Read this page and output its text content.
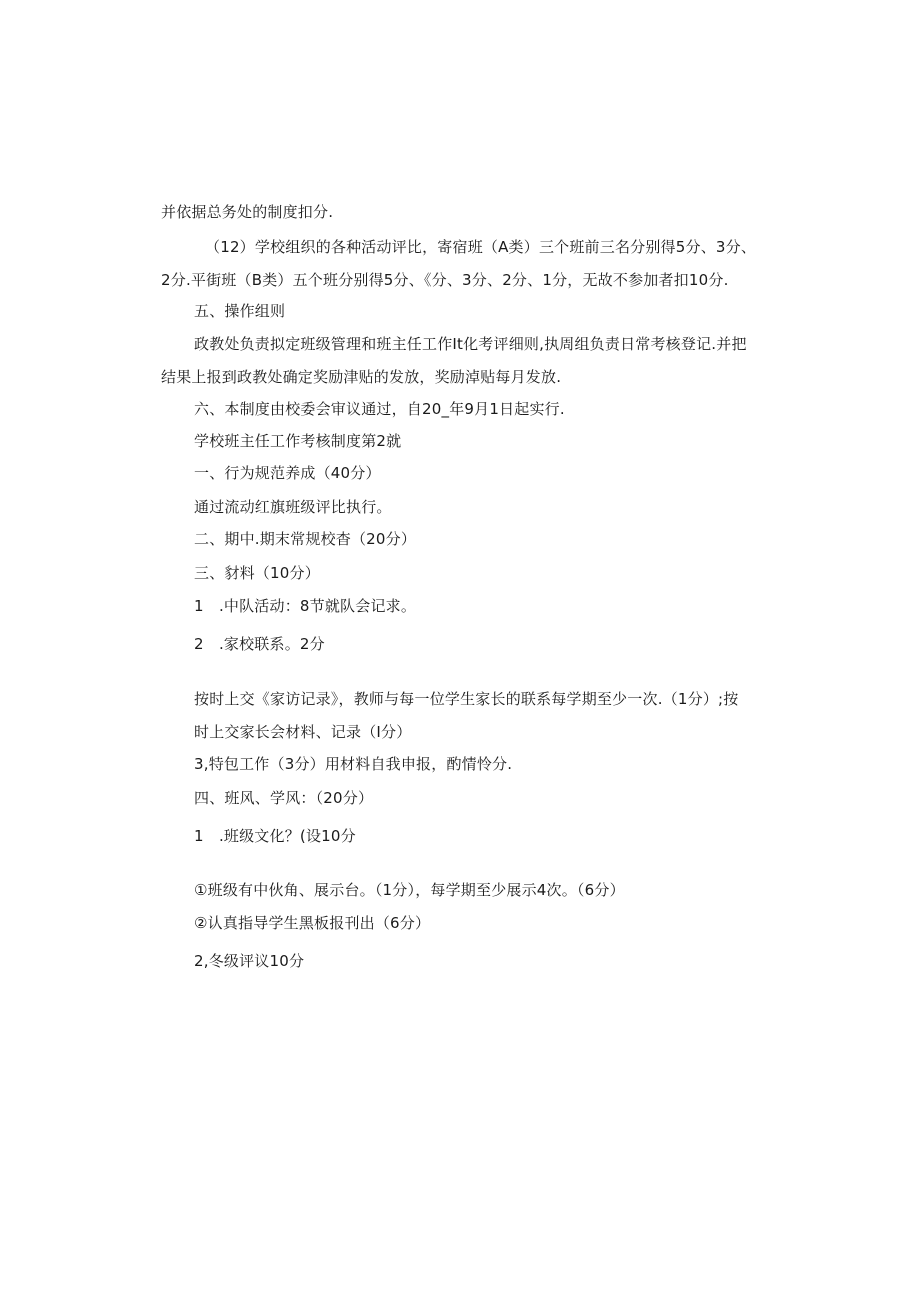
并依据总务处的制度扣分.
（12）学校组织的各种活动评比，寄宿班（A类）三个班前三名分别得5分、3分、
2分.平街班（B类）五个班分别得5分、《分、3分、2分、1分，无故不参加者扣10分.
五、操作组则
政教处负责拟定班级管理和班主任工作It化考评细则,执周组负责日常考核登记.并把
结果上报到政教处确定奖励津贴的发放，奖励淖贴每月发放.
六、本制度由校委会审议通过，自20_年9月1日起实行.
学校班主任工作考核制度第2就
一、行为规范养成（40分）
通过流动红旗班级评比执行。
二、期中.期末常规校杳（20分）
三、豺料（10分）
1　.中队活动：8节就队会记求。
2　.家校联系。2分
按时上交《家访记录》，教师与每一位学生家长的联系每学期至少一次.（1分）;按
时上交家长会材料、记录（I分）
3,特包工作（3分）用材料自我申报，酌情怜分.
四、班风、学风：（20分）
1　.班级文化？(设10分
①班级有中伙角、展示台。（1分），每学期至少展示4次。（6分）
②认真指导学生黑板报刊出（6分）
2,冬级评议10分
